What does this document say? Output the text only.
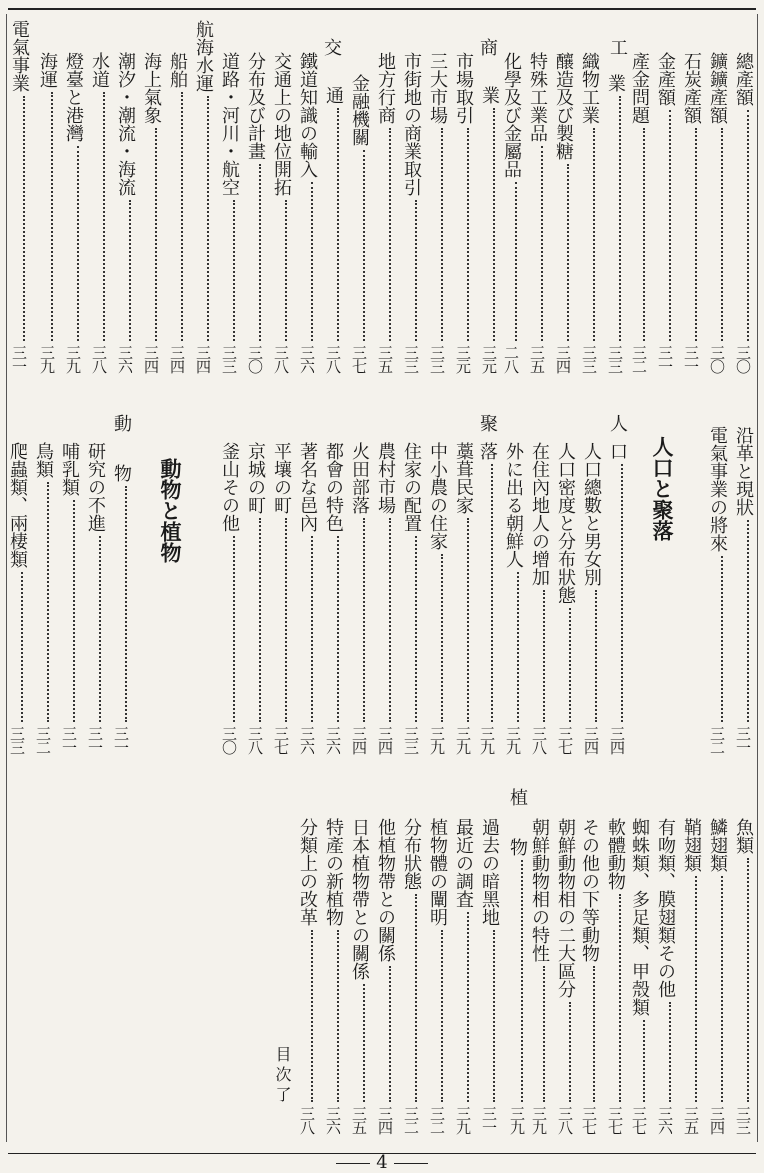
工
商
交
總產額三〇
鑛鑛產額三〇
石炭產額三一
金產額三一
產金問題三二
業三三
織物工業三三
釀造及び製糖三四
特殊工業品三五
化學及び金屬品二八
業三元
市場取引三元
三大市場三三
市街地の商業取引三三
地方行商三五
金融機關三七
通三八
鐵道知識の輸入三六
交通上の地位開拓三八
分布及び計畫三〇
道路・河川・航空三三
航海水運三四
船舶三四
海上氣象三四
潮汐・潮流・海流三六
水道三八
燈臺と港灣三九
海運三九
電氣事業三一
人口と聚落
動物と植物
人
聚
動
沿革と現狀三一
電氣事業の將來三二
口三四
人口總數と男女別三四
人口密度と分布狀態三七
在住內地人の增加三八
外に出る朝鮮人三九
落三九
藁葺民家三九
中小農の住家三九
住家の配置三三
農村市場三四
火田部落三四
都會の特色三六
著名な邑內三六
平壤の町三七
京城の町三八
釜山その他三〇
物三一
研究の不進三一
哺乳類三一
鳥類三二
爬蟲類、兩棲類三三
植
魚類三三
鱗翅類三四
鞘翅類三五
有吻類、膜翅類その他三六
蜘蛛類、多足類、甲殼類三七
軟體動物三七
その他の下等動物三七
朝鮮動物相の二大區分三八
朝鮮動物相の特性三九
物三九
過去の暗黑地三一
最近の調査三九
植物體の闡明三二
分布狀態三二
他植物帶との關係三四
日本植物帶との關係三五
特產の新植物三六
分類上の改革三八
目次了
4
